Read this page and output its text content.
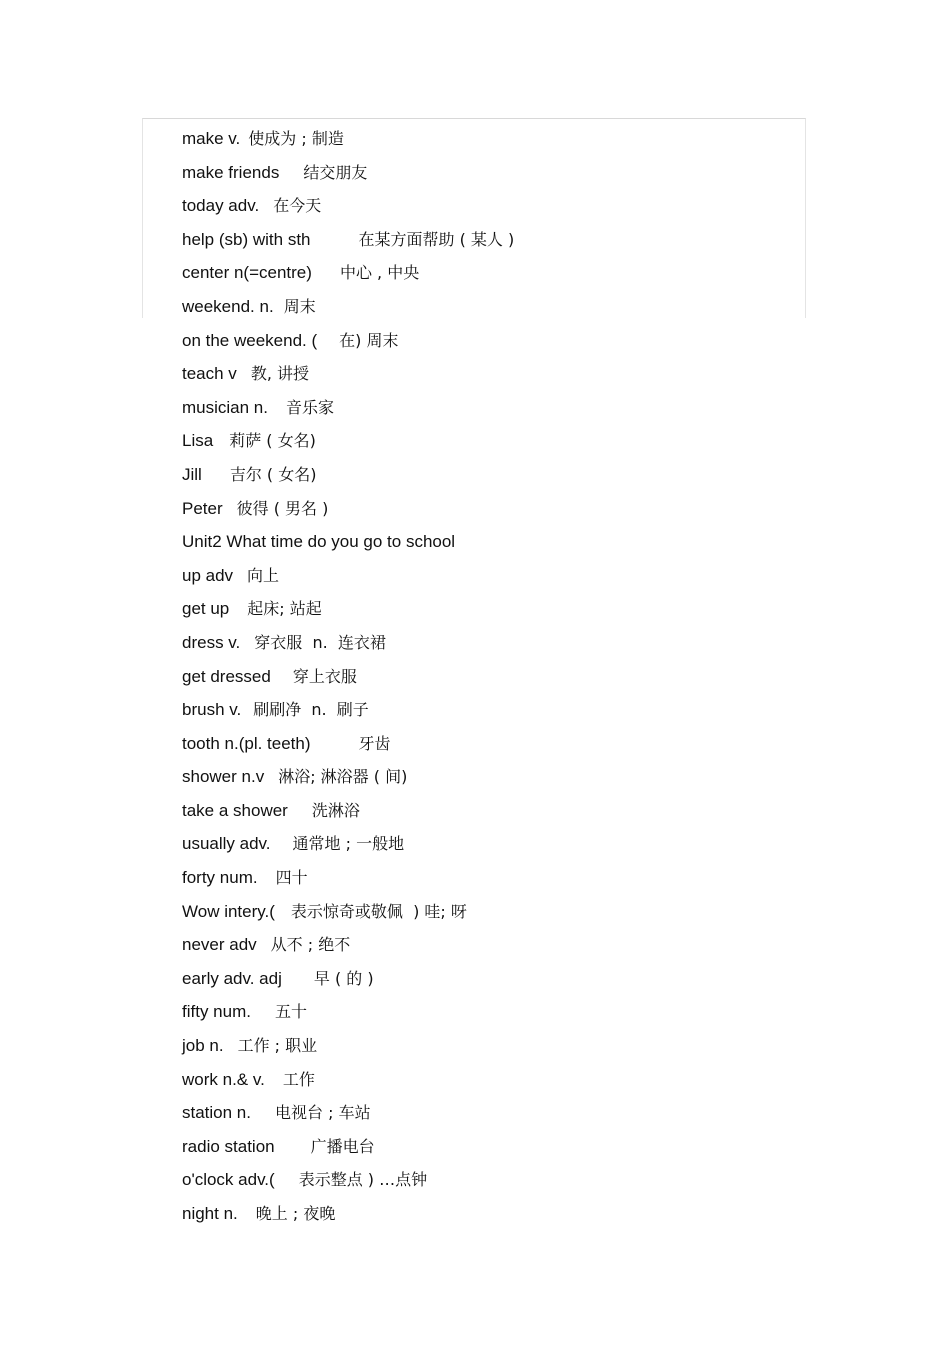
make v. 使成为 ; 制造
make friends 结交朋友
today adv. 在今天
help (sb) with sth	在某方面帮助 ( 某人 )
center n(=centre) 中心 , 中央
weekend. n. 周末
on the weekend. ( 在) 周末
teach v 教, 讲授
musician n. 音乐家
Lisa 莉萨 ( 女名)
Jill 吉尔 ( 女名)
Peter 彼得 ( 男名 )
Unit2 What time do you go to school
up adv 向上
get up 起床; 站起
dress v. 穿衣服  n.  连衣裙
get dressed 穿上衣服
brush v. 刷刷净  n.  刷子
tooth n.(pl. teeth)	牙齿
shower n.v 淋浴; 淋浴器 ( 间)
take a shower 洗淋浴
usually adv. 通常地 ; 一般地
forty num. 四十
Wow intery.( 表示惊奇或敬佩  ) 哇; 呀
never adv 从不 ; 绝不
early adv. adj 早 ( 的 )
fifty num. 五十
job n. 工作 ; 职业
work n.& v. 工作
station n. 电视台 ; 车站
radio station 广播电台
o'clock adv.( 表示整点 ) …点钟
night n. 晚上 ; 夜晚
